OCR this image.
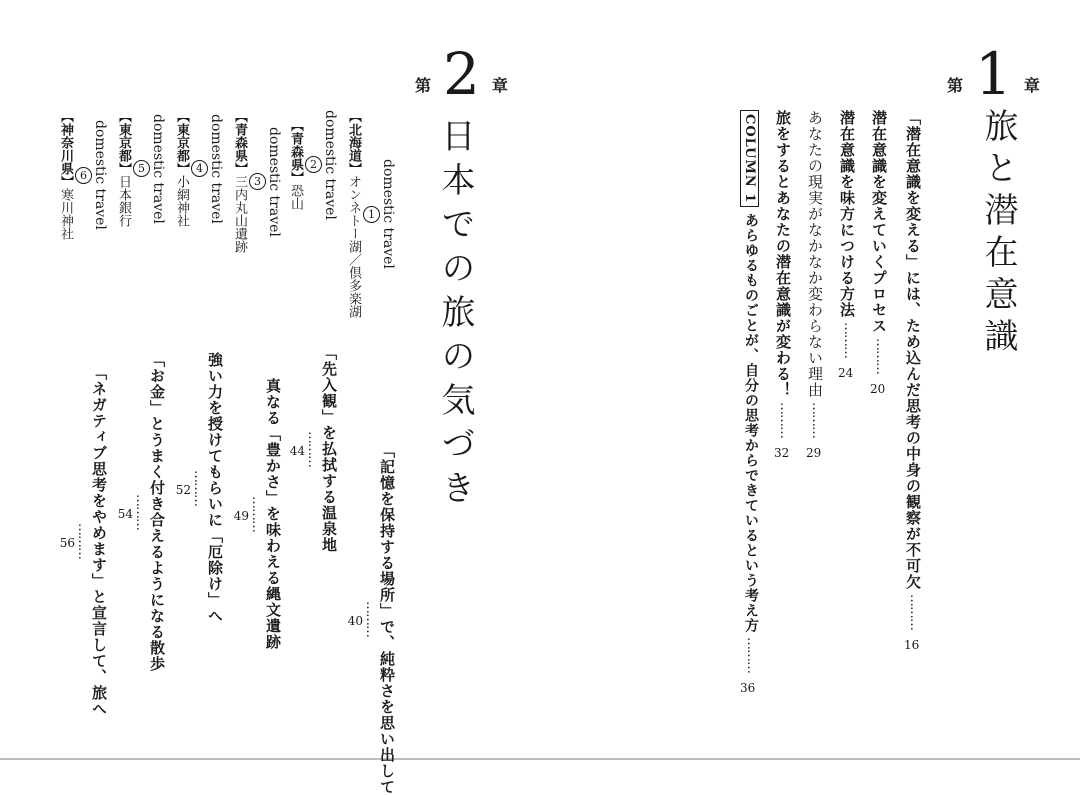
第 1 章
旅と潜在意識
「潜在意識を変える」には、ため込んだ思考の中身の観察が不可欠
………
16
潜在意識を変えていくプロセス
………
20
潜在意識を味方につける方法
………
24
あなたの現実がなかなか変わらない理由
………
29
旅をするとあなたの潜在意識が変わる！
………
32
COLUMN 1
あらゆるものごとが、自分の思考からできているという考え方
………
36
第 2 章
日本での旅の気づき
domestic travel
1
【北海道】オンネトー湖／倶多楽湖
「記憶を保持する場所」で、純粋さを思い出して
………
40
domestic travel
2
【青森県】恐山
「先入観」を払拭する温泉地
………
44
domestic travel
3
【青森県】三内丸山遺跡
真なる「豊かさ」を味わえる縄文遺跡
………
49
domestic travel
4
【東京都】小網神社
強い力を授けてもらいに「厄除け」へ
………
52
domestic travel
5
【東京都】日本銀行
「お金」とうまく付き合えるようになる散歩
………
54
domestic travel
6
【神奈川県】寒川神社
「ネガティブ思考をやめます」と宣言して、旅へ
………
56
